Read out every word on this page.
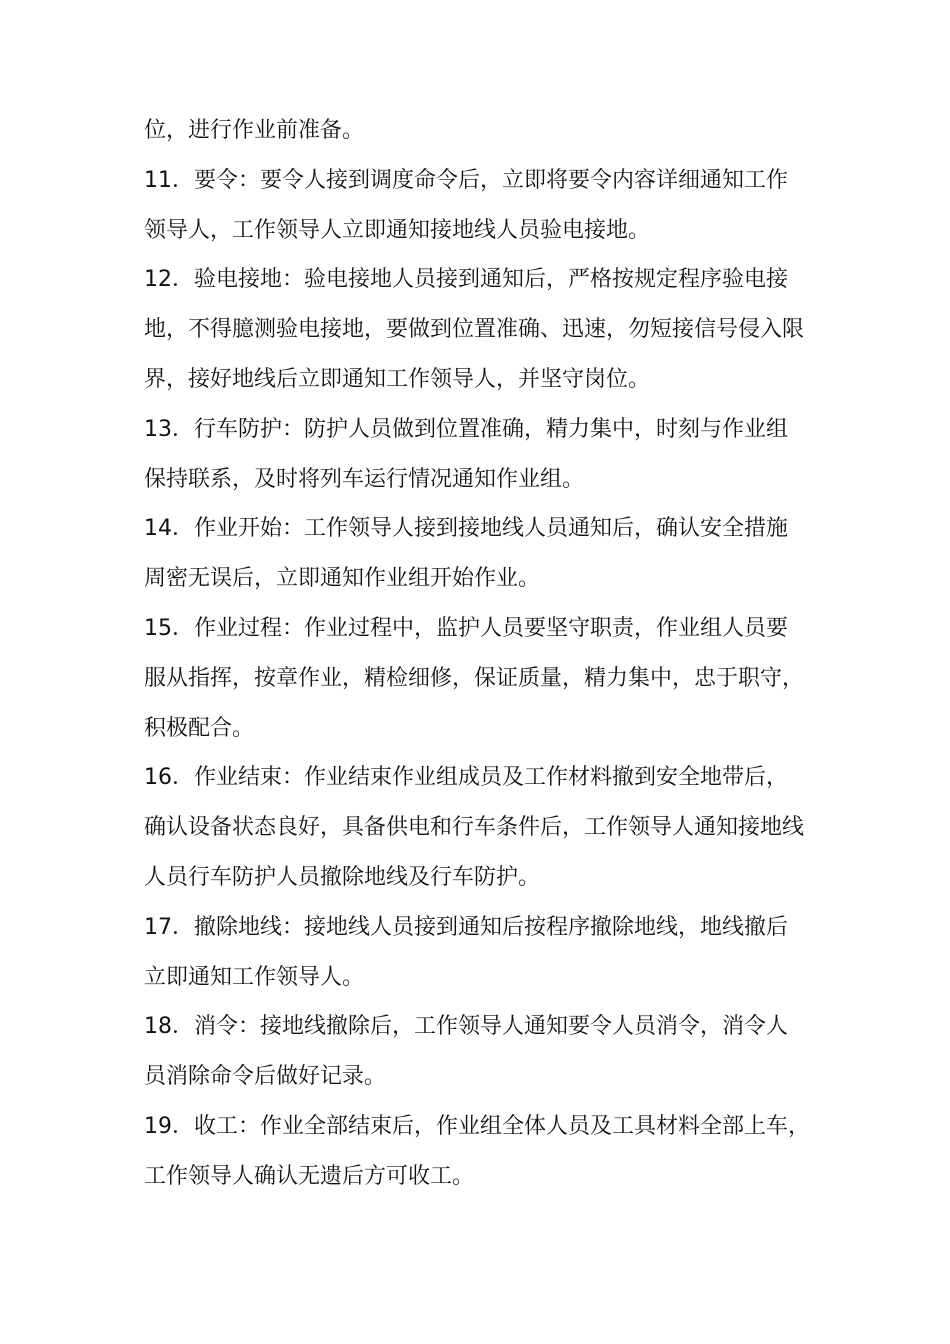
位，进行作业前准备。
11．要令：要令人接到调度命令后，立即将要令内容详细通知工作
领导人，工作领导人立即通知接地线人员验电接地。
12．验电接地：验电接地人员接到通知后，严格按规定程序验电接
地，不得臆测验电接地，要做到位置准确、迅速，勿短接信号侵入限
界，接好地线后立即通知工作领导人，并坚守岗位。
13．行车防护：防护人员做到位置准确，精力集中，时刻与作业组
保持联系，及时将列车运行情况通知作业组。
14．作业开始：工作领导人接到接地线人员通知后，确认安全措施
周密无误后，立即通知作业组开始作业。
15．作业过程：作业过程中，监护人员要坚守职责，作业组人员要
服从指挥，按章作业，精检细修，保证质量，精力集中，忠于职守，
积极配合。
16．作业结束：作业结束作业组成员及工作材料撤到安全地带后，
确认设备状态良好，具备供电和行车条件后，工作领导人通知接地线
人员行车防护人员撤除地线及行车防护。
17．撤除地线：接地线人员接到通知后按程序撤除地线，地线撤后
立即通知工作领导人。
18．消令：接地线撤除后，工作领导人通知要令人员消令，消令人
员消除命令后做好记录。
19．收工：作业全部结束后，作业组全体人员及工具材料全部上车，
工作领导人确认无遗后方可收工。
